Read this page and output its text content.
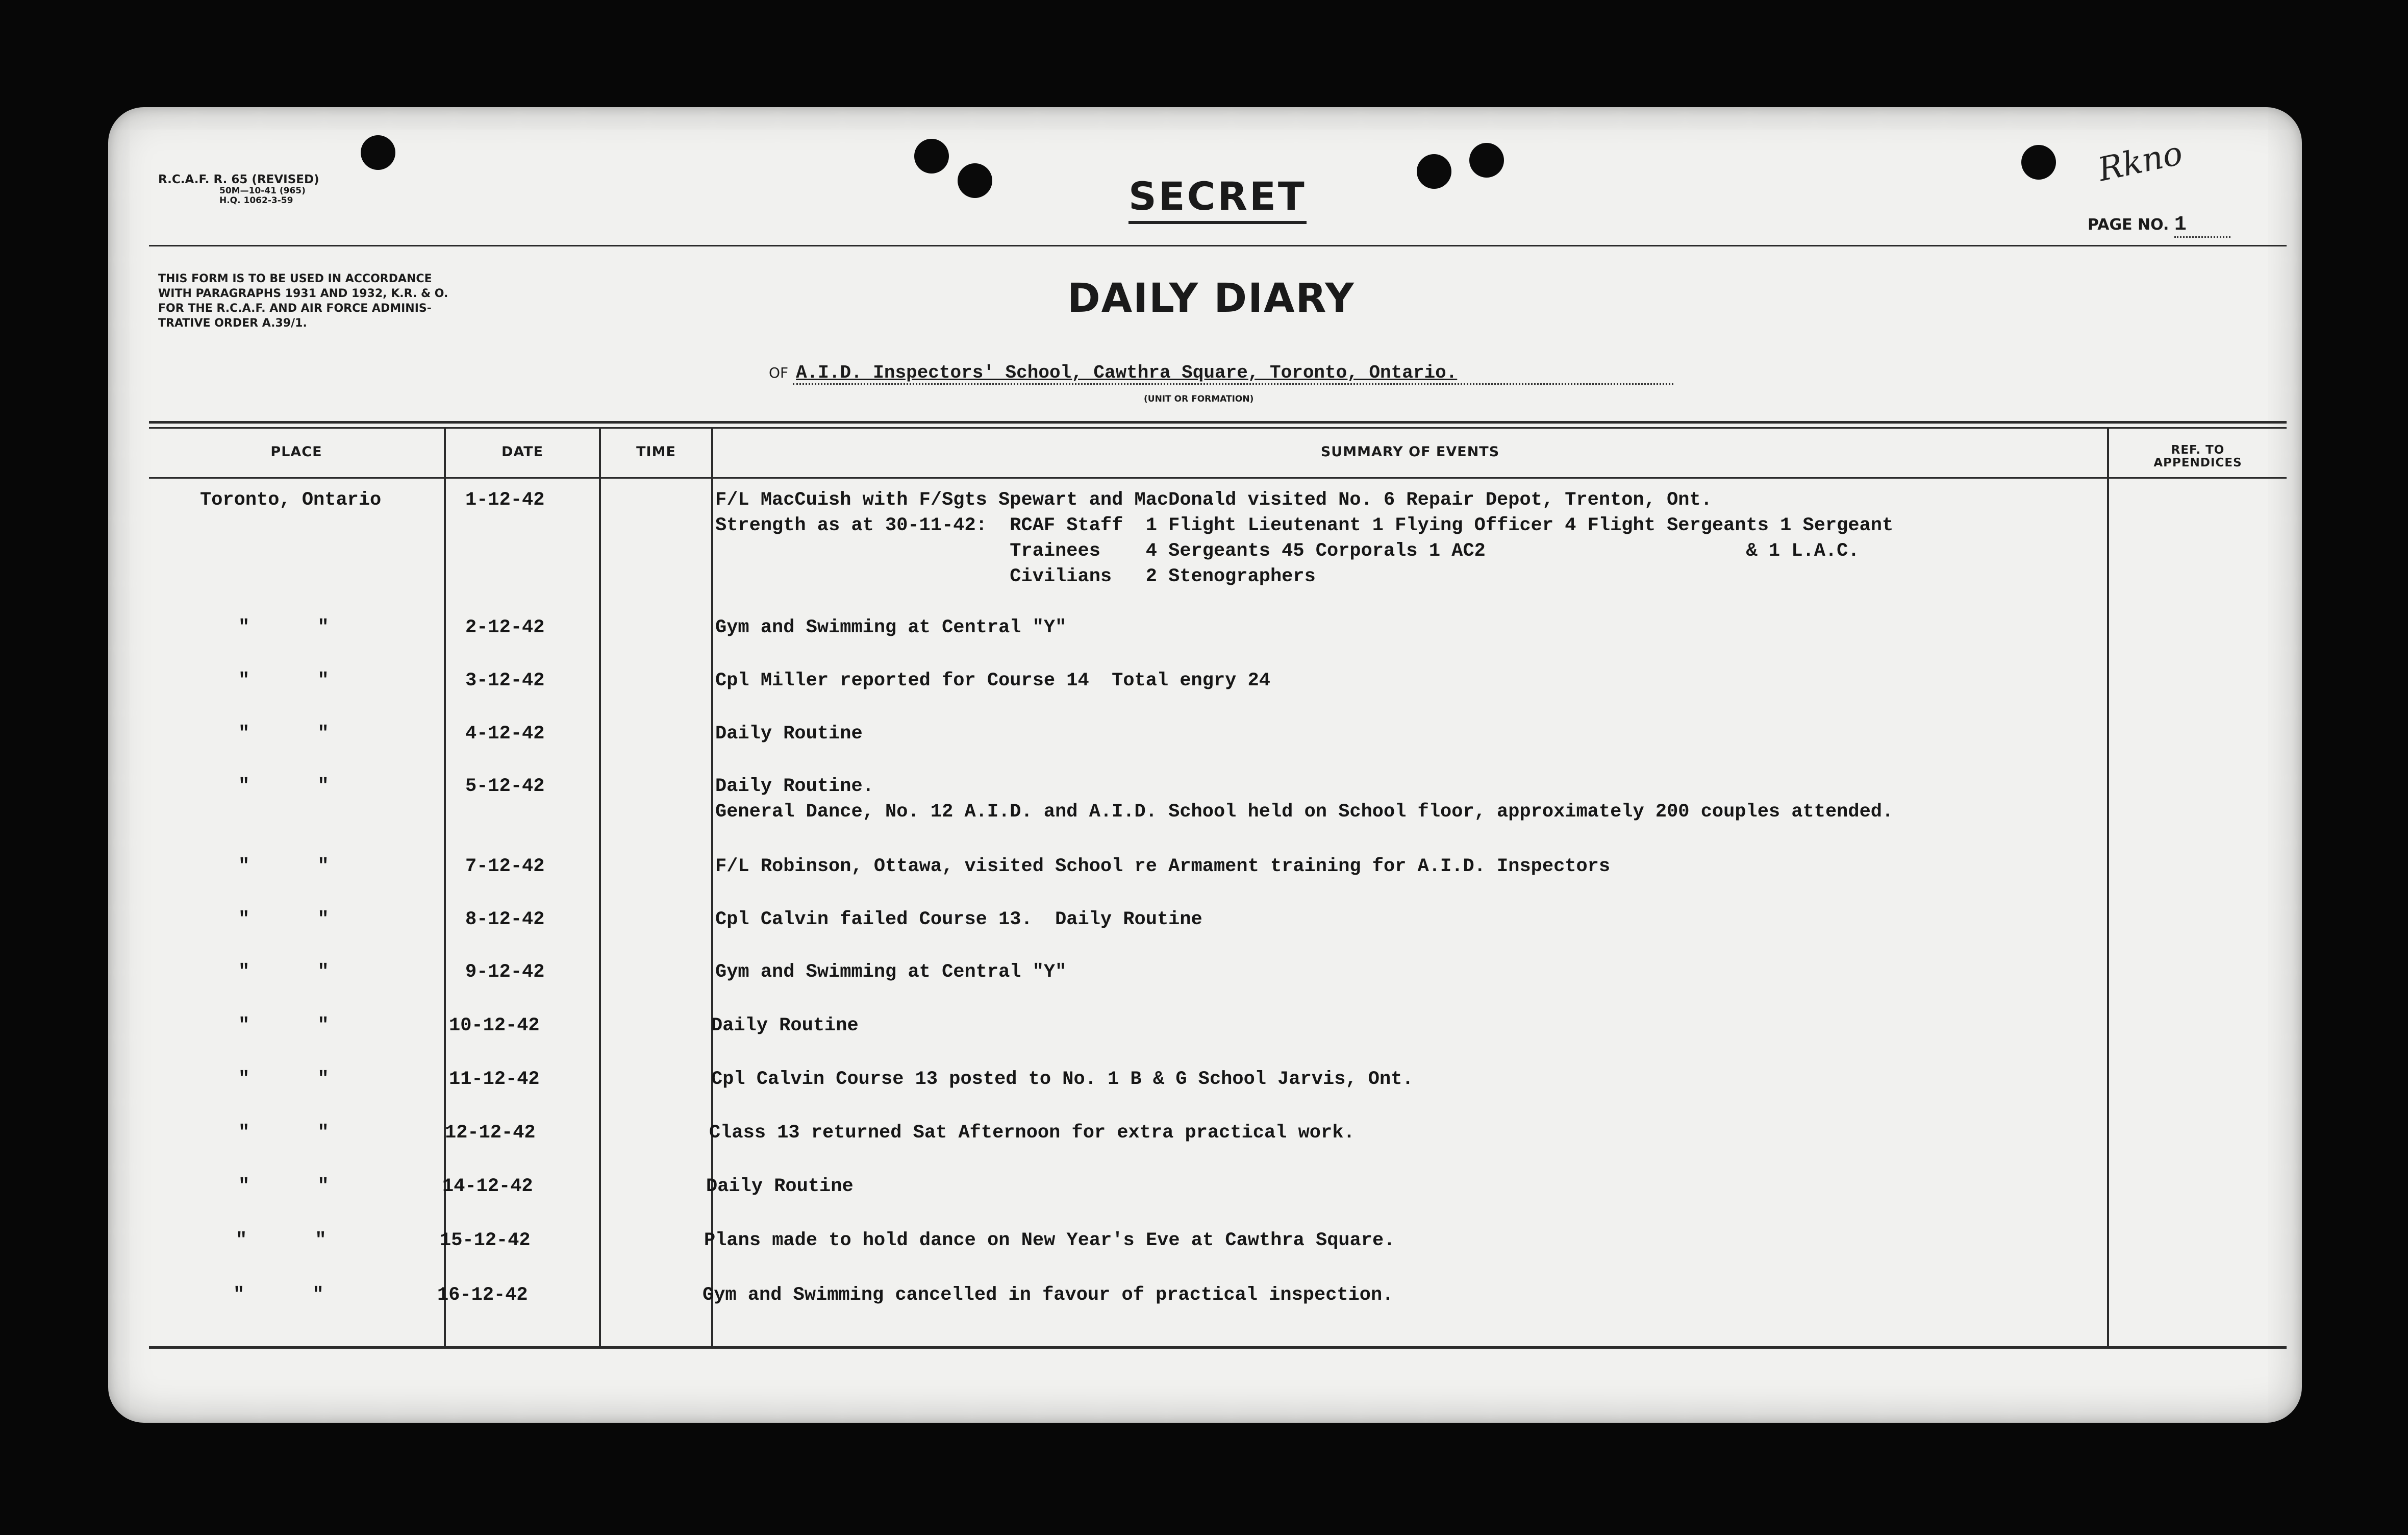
R.C.A.F. R. 65 (REVISED)
50M—10-41 (965)
H.Q. 1062-3-59	SECRET
Rkno
PAGE NO. 1
THIS FORM IS TO BE USED IN ACCORDANCE
WITH PARAGRAPHS 1931 AND 1932, K.R. & O.
FOR THE R.C.A.F. AND AIR FORCE ADMINIS-
TRATIVE ORDER A.39/1.
DAILY DIARY
OF A.I.D. Inspectors' School, Cawthra Square, Toronto, Ontario.
(UNIT OR FORMATION)
PLACE	DATE	TIME	SUMMARY OF EVENTS	REF. TO
APPENDICES
Toronto, Ontario	1-12-42	F/L MacCuish with F/Sgts Spewart and MacDonald visited No. 6 Repair Depot, Trenton, Ont.
Strength as at 30-11-42:  RCAF Staff  1 Flight Lieutenant 1 Flying Officer 4 Flight Sergeants 1 Sergeant
Trainees    4 Sergeants 45 Corporals 1 AC2                       & 1 L.A.C.
Civilians   2 Stenographers
"      "	2-12-42	Gym and Swimming at Central "Y"
"      "	3-12-42	Cpl Miller reported for Course 14  Total engry 24
"      "	4-12-42	Daily Routine
"      "	5-12-42	Daily Routine.
General Dance, No. 12 A.I.D. and A.I.D. School held on School floor, approximately 200 couples attended.
"      "	7-12-42	F/L Robinson, Ottawa, visited School re Armament training for A.I.D. Inspectors
"      "	8-12-42	Cpl Calvin failed Course 13.  Daily Routine
"      "	9-12-42	Gym and Swimming at Central "Y"
"      "	10-12-42	Daily Routine
"      "	11-12-42	Cpl Calvin Course 13 posted to No. 1 B & G School Jarvis, Ont.
"      "	12-12-42	Class 13 returned Sat Afternoon for extra practical work.
"      "	14-12-42	Daily Routine
"      "	15-12-42	Plans made to hold dance on New Year's Eve at Cawthra Square.
"      "	16-12-42	Gym and Swimming cancelled in favour of practical inspection.
